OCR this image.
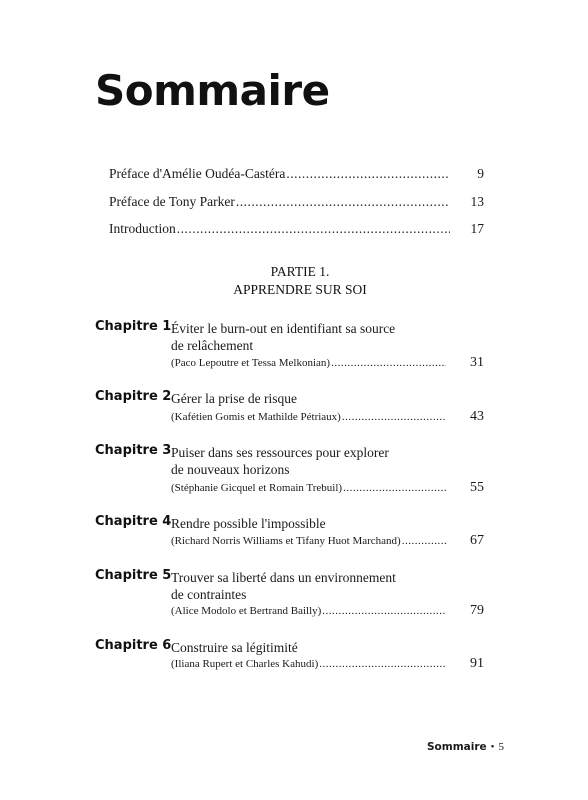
Sommaire
Préface d'Amélie Oudéa-Castéra .....	9
Préface de Tony Parker .....	13
Introduction .....	17
PARTIE 1.
APPRENDRE SUR SOI
Chapitre 1 Éviter le burn-out en identifiant sa source
de relâchement
(Paco Lepoutre et Tessa Melkonian) .....	31
Chapitre 2 Gérer la prise de risque
(Kafétien Gomis et Mathilde Pétriaux) .....	43
Chapitre 3 Puiser dans ses ressources pour explorer
de nouveaux horizons
(Stéphanie Gicquel et Romain Trebuil) .....	55
Chapitre 4 Rendre possible l'impossible
(Richard Norris Williams et Tifany Huot Marchand) .....	67
Chapitre 5 Trouver sa liberté dans un environnement
de contraintes
(Alice Modolo et Bertrand Bailly) .....	79
Chapitre 6 Construire sa légitimité
(Iliana Rupert et Charles Kahudi) .....	91
Sommaire • 5
